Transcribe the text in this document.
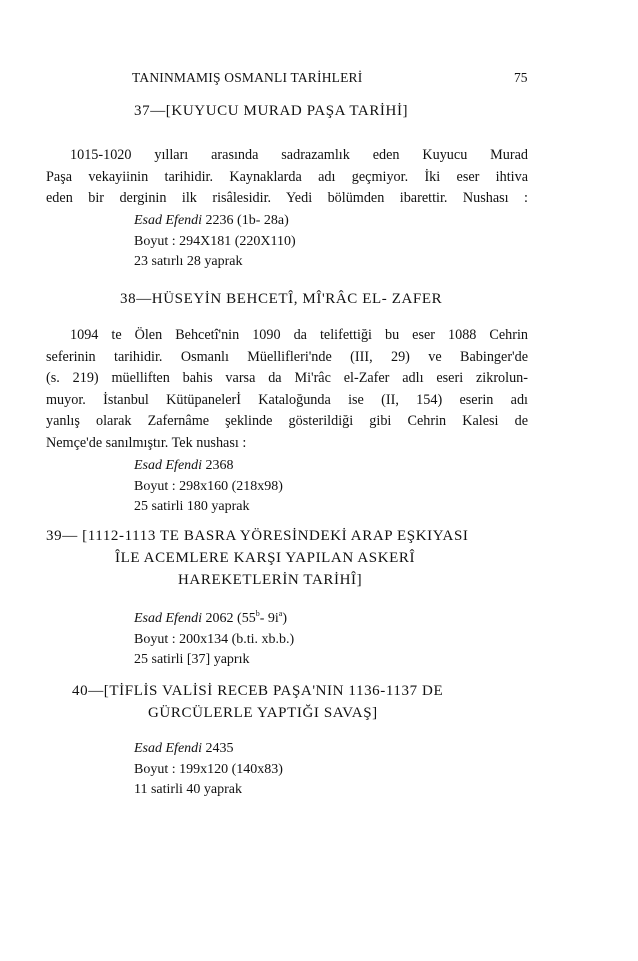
TANINMAMIŞ OSMANLI TARİHLERİ	75
37—[KUYUCU MURAD PAŞA TARİHİ]
1015-1020 yılları arasında sadrazamlık eden Kuyucu Murad
Paşa vekayiinin tarihidir. Kaynaklarda adı geçmiyor. İki eser ihtiva
eden bir derginin ilk risâlesidir. Yedi bölümden ibarettir. Nushası :
Esad Efendi 2236 (1b- 28a)
Boyut : 294X181 (220X110)
23 satırlı 28 yaprak
38—HÜSEYİN BEHCETÎ, MÎ'RÂC EL- ZAFER
1094 te Ölen Behcetî'nin 1090 da telifettiği bu eser 1088 Cehrin
seferinin tarihidir. Osmanlı Müellifleri'nde (III, 29) ve Babinger'de
(s. 219) müelliften bahis varsa da Mi'râc el-Zafer adlı eseri zikrolun-
muyor. İstanbul Kütüpanelerİ Kataloğunda ise (II, 154) eserin adı
yanlış olarak Zafernâme şeklinde gösterildiği gibi Cehrin Kalesi de
Nemçe'de sanılmıştır. Tek nushası :
Esad Efendi 2368
Boyut : 298x160 (218x98)
25 satirli 180 yaprak
39— [1112-1113 TE BASRA YÖRESİNDEKİ ARAP EŞKIYASI
ÎLE ACEMLERE KARŞI YAPILAN ASKERÎ
HAREKETLERİN TARİHÎ]
Esad Efendi 2062 (55$^b$- $9i^a$)
Boyut : 200x134 (b.ti. xb.b.)
25 satirli [37] yaprık
40—[TİFLİS VALİSİ RECEB PAŞA'NIN 1136-1137 DE
GÜRCÜLERLE YAPTIĞI SAVAŞ]
Esad Efendi 2435
Boyut : 199x120 (140x83)
11 satirli 40 yaprak
